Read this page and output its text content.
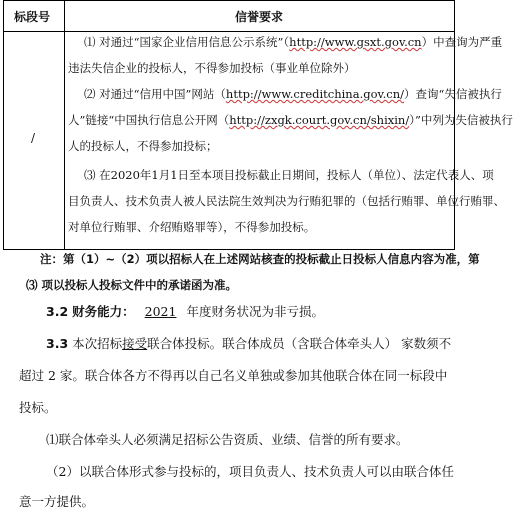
标段号	信誉要求
/
⑴ 对通过“国家企业信用信息公示系统”（http://www.gsxt.gov.cn）中查询为严重
违法失信企业的投标人，不得参加投标（事业单位除外）
⑵ 对通过“信用中国”网站（http://www.creditchina.gov.cn/）查询“失信被执行
人”链接“中国执行信息公开网（http://zxgk.court.gov.cn/shixin/）”中列为失信被执行
人的投标人，不得参加投标；
⑶ 在2020年1月1日至本项目投标截止日期间，投标人（单位）、法定代表人、项
目负责人、技术负责人被人民法院生效判决为行贿犯罪的（包括行贿罪、单位行贿罪、
对单位行贿罪、介绍贿赂罪等），不得参加投标。
注：第（1）~（2）项以招标人在上述网站核查的投标截止日投标人信息内容为准，第
⑶ 项以投标人投标文件中的承诺函为准。
3.2 财务能力： 2021 年度财务状况为非亏损。
3.3 本次招标接受联合体投标。联合体成员（含联合体牵头人） 家数须不
超过 2 家。联合体各方不得再以自己名义单独或参加其他联合体在同一标段中
投标。
⑴联合体牵头人必须满足招标公告资质、业绩、信誉的所有要求。
（2）以联合体形式参与投标的，项目负责人、技术负责人可以由联合体任
意一方提供。
